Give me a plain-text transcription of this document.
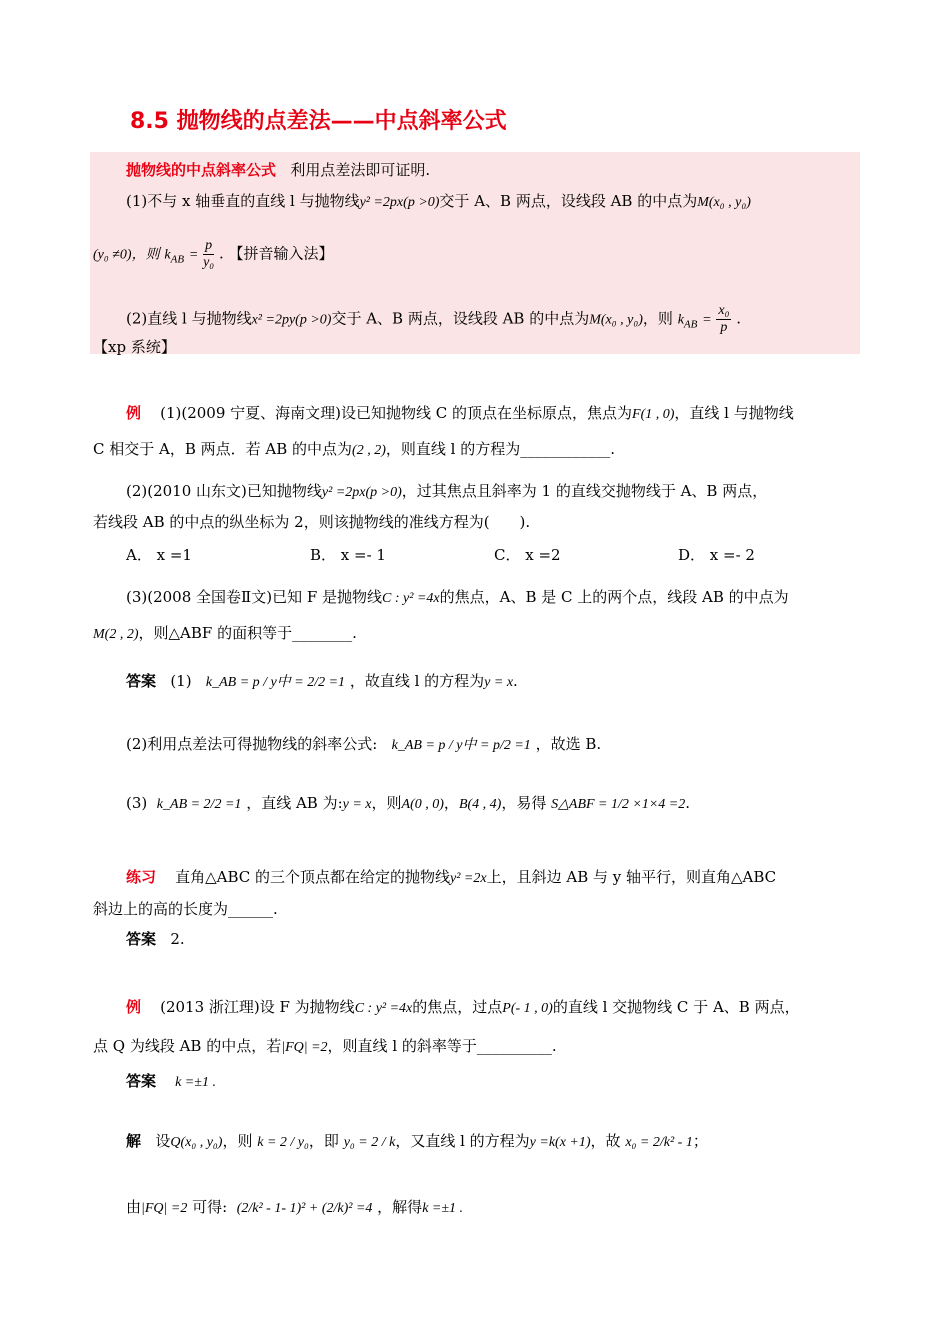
8.5 抛物线的点差法——中点斜率公式
抛物线的中点斜率公式 利用点差法即可证明.
(1)不与 x 轴垂直的直线 l 与抛物线y² =2px(p >0)交于 A、B 两点，设线段 AB 的中点为M(x₀ , y₀)
(y₀ ≠0)，则 $k_{AB} = \frac{p}{\text{y₀}}$ . 【拼音输入法】
(2)直线 l 与抛物线x² =2py(p >0)交于 A、B 两点，设线段 AB 的中点为M(x₀ , y₀)，则 $k_{AB} = \frac{\text{x₀}}{p}$ .
【xp 系统】
例 (1)(2009 宁夏、海南文理)设已知抛物线 C 的顶点在坐标原点，焦点为F(1 , 0)，直线 l 与抛物线
C 相交于 A，B 两点．若 AB 的中点为(2 , 2)，则直线 l 的方程为____________.
(2)(2010 山东文)已知抛物线y² =2px(p >0)，过其焦点且斜率为 1 的直线交抛物线于 A、B 两点，
若线段 AB 的中点的纵坐标为 2，则该抛物线的准线方程为(　　).
A． x =1	B． x =- 1	C． x =2	D． x =- 2
(3)(2008 全国卷Ⅱ文)已知 F 是抛物线C : y² =4x的焦点，A、B 是 C 上的两个点，线段 AB 的中点为
M(2 , 2)，则△ABF 的面积等于________.
答案 (1) k_AB = p / y中 = 2/2 =1 ，故直线 l 的方程为y = x.
(2)利用点差法可得抛物线的斜率公式: k_AB = p / y中 = p/2 =1 ，故选 B.
(3) k_AB = 2/2 =1 ，直线 AB 为:y = x，则A(0 , 0)，B(4 , 4)，易得 S△ABF = 1/2 ×1×4 =2.
练习 直角△ABC 的三个顶点都在给定的抛物线y² =2x上，且斜边 AB 与 y 轴平行，则直角△ABC
斜边上的高的长度为______.
答案 2.
例 (2013 浙江理)设 F 为抛物线C : y² =4x的焦点，过点P(- 1 , 0)的直线 l 交抛物线 C 于 A、B 两点，
点 Q 为线段 AB 的中点，若|FQ| =2，则直线 l 的斜率等于__________.
答案 k =±1 .
解 设Q(x₀ , y₀)，则 k = 2 / y₀，即 y₀ = 2 / k，又直线 l 的方程为y =k(x +1)，故 x₀ = 2/k² - 1；
由|FQ| =2 可得: (2/k² - 1- 1)² + (2/k)² =4 ，解得k =±1 .
